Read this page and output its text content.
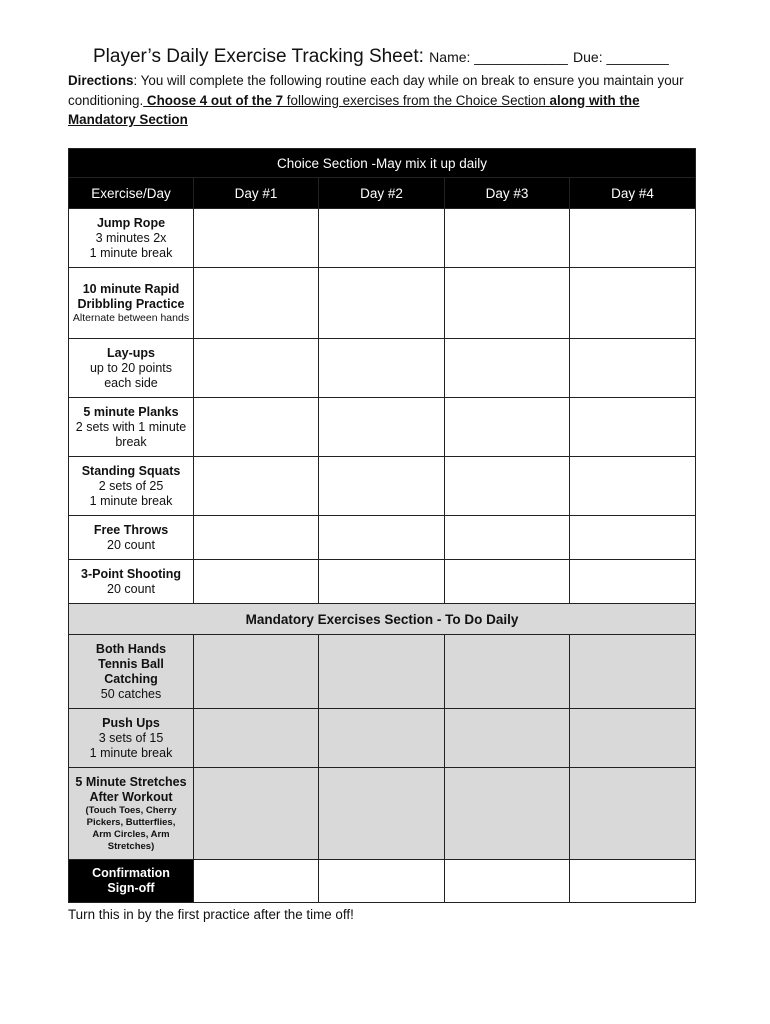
Player’s Daily Exercise Tracking Sheet: Name: ____________ Due: ________
Directions: You will complete the following routine each day while on break to ensure you maintain your conditioning. Choose 4 out of the 7 following exercises from the Choice Section along with the Mandatory Section
Choice Section -May mix it up daily				
Exercise/Day	Day #1	Day #2	Day #3	Day #4

Jump Rope
3 minutes 2x
1 minute break				

10 minute Rapid Dribbling Practice
Alternate between hands				

Lay-ups
up to 20 points
each side				

5 minute Planks
2 sets with 1 minute
break				

Standing Squats
2 sets of 25
1 minute break				

Free Throws
20 count				

3-Point Shooting
20 count				

Mandatory Exercises Section - To Do Daily				

Both Hands Tennis Ball Catching
50 catches				

Push Ups
3 sets of 15
1 minute break				

5 Minute Stretches After Workout
(Touch Toes, Cherry Pickers, Butterflies, Arm Circles, Arm Stretches)				

Confirmation Sign-off				
Turn this in by the first practice after the time off!
